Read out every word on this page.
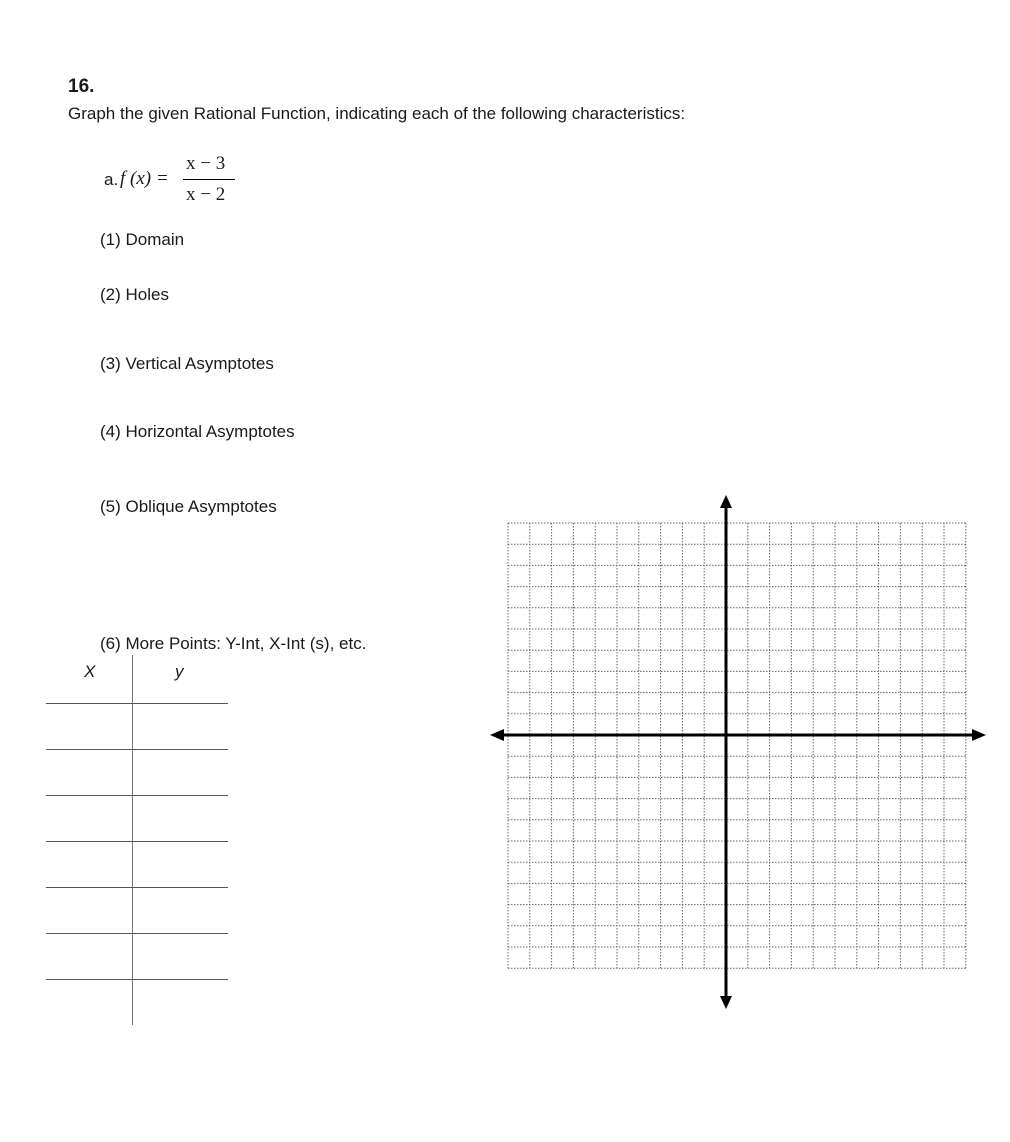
16.
Graph the given Rational Function, indicating each of the following characteristics:
a. f (x) =
x − 3
x − 2
(1) Domain
(2) Holes
(3) Vertical Asymptotes
(4) Horizontal Asymptotes
(5) Oblique Asymptotes
(6) More Points: Y-Int, X-Int (s), etc.
X	y
